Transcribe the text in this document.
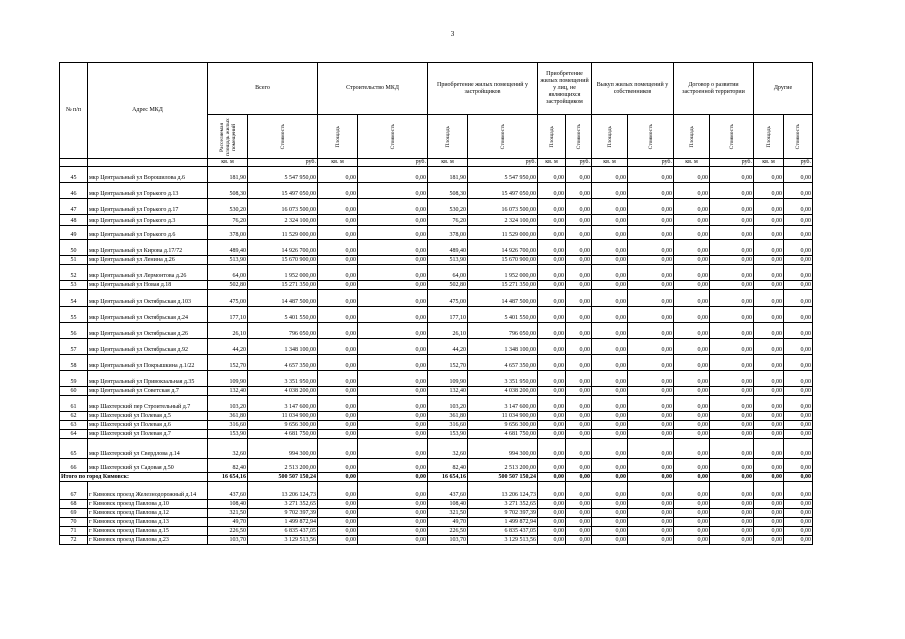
3
№ п/п	Адрес МКД	Всего		Строительство МКД		Приобретение жилых помещений у застройщиков		Приобретение жилых помещений у лиц, не являющихся застройщиком		Выкуп жилых помещений у собственников		Договор о развитии застроенной территории		Другие	

		Расселяемая площадь жилых помещений	Стоимость	Площадь	Стоимость	Площадь	Стоимость	Площадь	Стоимость	Площадь	Стоимость	Площадь	Стоимость	Площадь	Стоимость

		кв. м	руб.	кв. м	руб.	кв. м	руб.	кв. м	руб.	кв. м	руб.	кв. м	руб.	кв. м	руб.
45	мкр Центральный ул Ворошилова д.6	181,90	5 547 950,00	0,00	0,00	181,90	5 547 950,00	0,00	0,00	0,00	0,00	0,00	0,00	0,00	0,00
46	мкр Центральный ул Горького д.13	508,30	15 497 050,00	0,00	0,00	508,30	15 497 050,00	0,00	0,00	0,00	0,00	0,00	0,00	0,00	0,00
47	мкр Центральный ул Горького д.17	530,20	16 073 500,00	0,00	0,00	530,20	16 073 500,00	0,00	0,00	0,00	0,00	0,00	0,00	0,00	0,00
48	мкр Центральный ул Горького д.3	76,20	2 324 100,00	0,00	0,00	76,20	2 324 100,00	0,00	0,00	0,00	0,00	0,00	0,00	0,00	0,00
49	мкр Центральный ул Горького д.6	378,00	11 529 000,00	0,00	0,00	378,00	11 529 000,00	0,00	0,00	0,00	0,00	0,00	0,00	0,00	0,00
50	мкр Центральный ул Кирова д.17/72	489,40	14 926 700,00	0,00	0,00	489,40	14 926 700,00	0,00	0,00	0,00	0,00	0,00	0,00	0,00	0,00
51	мкр Центральный ул Ленина д.26	513,90	15 670 900,00	0,00	0,00	513,90	15 670 900,00	0,00	0,00	0,00	0,00	0,00	0,00	0,00	0,00
52	мкр Центральный ул Лермонтова д.26	64,00	1 952 000,00	0,00	0,00	64,00	1 952 000,00	0,00	0,00	0,00	0,00	0,00	0,00	0,00	0,00
53	мкр Центральный ул Новая д.18	502,80	15 271 350,00	0,00	0,00	502,80	15 271 350,00	0,00	0,00	0,00	0,00	0,00	0,00	0,00	0,00
54	мкр Центральный ул Октябрьская д.103	475,00	14 487 500,00	0,00	0,00	475,00	14 487 500,00	0,00	0,00	0,00	0,00	0,00	0,00	0,00	0,00
55	мкр Центральный ул Октябрьская д.24	177,10	5 401 550,00	0,00	0,00	177,10	5 401 550,00	0,00	0,00	0,00	0,00	0,00	0,00	0,00	0,00
56	мкр Центральный ул Октябрьская д.26	26,10	796 050,00	0,00	0,00	26,10	796 050,00	0,00	0,00	0,00	0,00	0,00	0,00	0,00	0,00
57	мкр Центральный ул Октябрьская д.92	44,20	1 348 100,00	0,00	0,00	44,20	1 348 100,00	0,00	0,00	0,00	0,00	0,00	0,00	0,00	0,00
58	мкр Центральный ул Покрышкина д.1/22	152,70	4 657 350,00	0,00	0,00	152,70	4 657 350,00	0,00	0,00	0,00	0,00	0,00	0,00	0,00	0,00
59	мкр Центральный ул Привокзальная д.35	109,90	3 351 950,00	0,00	0,00	109,90	3 351 950,00	0,00	0,00	0,00	0,00	0,00	0,00	0,00	0,00
60	мкр Центральный ул Советская д.7	132,40	4 038 200,00	0,00	0,00	132,40	4 038 200,00	0,00	0,00	0,00	0,00	0,00	0,00	0,00	0,00
61	мкр Шахтерский пер Строительный д.7	103,20	3 147 600,00	0,00	0,00	103,20	3 147 600,00	0,00	0,00	0,00	0,00	0,00	0,00	0,00	0,00
62	мкр Шахтерский ул Полевая д.5	361,80	11 034 900,00	0,00	0,00	361,80	11 034 900,00	0,00	0,00	0,00	0,00	0,00	0,00	0,00	0,00
63	мкр Шахтерский ул Полевая д.6	316,60	9 656 300,00	0,00	0,00	316,60	9 656 300,00	0,00	0,00	0,00	0,00	0,00	0,00	0,00	0,00
64	мкр Шахтерский ул Полевая д.7	153,90	4 681 750,00	0,00	0,00	153,90	4 681 750,00	0,00	0,00	0,00	0,00	0,00	0,00	0,00	0,00
65	мкр Шахтерский ул Свердлова д.14	32,60	994 300,00	0,00	0,00	32,60	994 300,00	0,00	0,00	0,00	0,00	0,00	0,00	0,00	0,00
66	мкр Шахтерский ул Садовая д.50	82,40	2 513 200,00	0,00	0,00	82,40	2 513 200,00	0,00	0,00	0,00	0,00	0,00	0,00	0,00	0,00
Итого по город Кимовск:		16 654,16	500 507 150,24	0,00	0,00	16 654,16	500 507 150,24	0,00	0,00	0,00	0,00	0,00	0,00	0,00	0,00
67	г Кимовск проезд Железнодорожный д.14	437,60	13 206 124,73	0,00	0,00	437,60	13 206 124,73	0,00	0,00	0,00	0,00	0,00	0,00	0,00	0,00
68	г Кимовск проезд Павлова д.10	108,40	3 271 352,65	0,00	0,00	108,40	3 271 352,65	0,00	0,00	0,00	0,00	0,00	0,00	0,00	0,00
69	г Кимовск проезд Павлова д.12	321,50	9 702 397,39	0,00	0,00	321,50	9 702 397,39	0,00	0,00	0,00	0,00	0,00	0,00	0,00	0,00
70	г Кимовск проезд Павлова д.13	49,70	1 499 872,94	0,00	0,00	49,70	1 499 872,94	0,00	0,00	0,00	0,00	0,00	0,00	0,00	0,00
71	г Кимовск проезд Павлова д.15	226,50	6 835 437,05	0,00	0,00	226,50	6 835 437,05	0,00	0,00	0,00	0,00	0,00	0,00	0,00	0,00
72	г Кимовск проезд Павлова д.23	103,70	3 129 513,56	0,00	0,00	103,70	3 129 513,56	0,00	0,00	0,00	0,00	0,00	0,00	0,00	0,00
